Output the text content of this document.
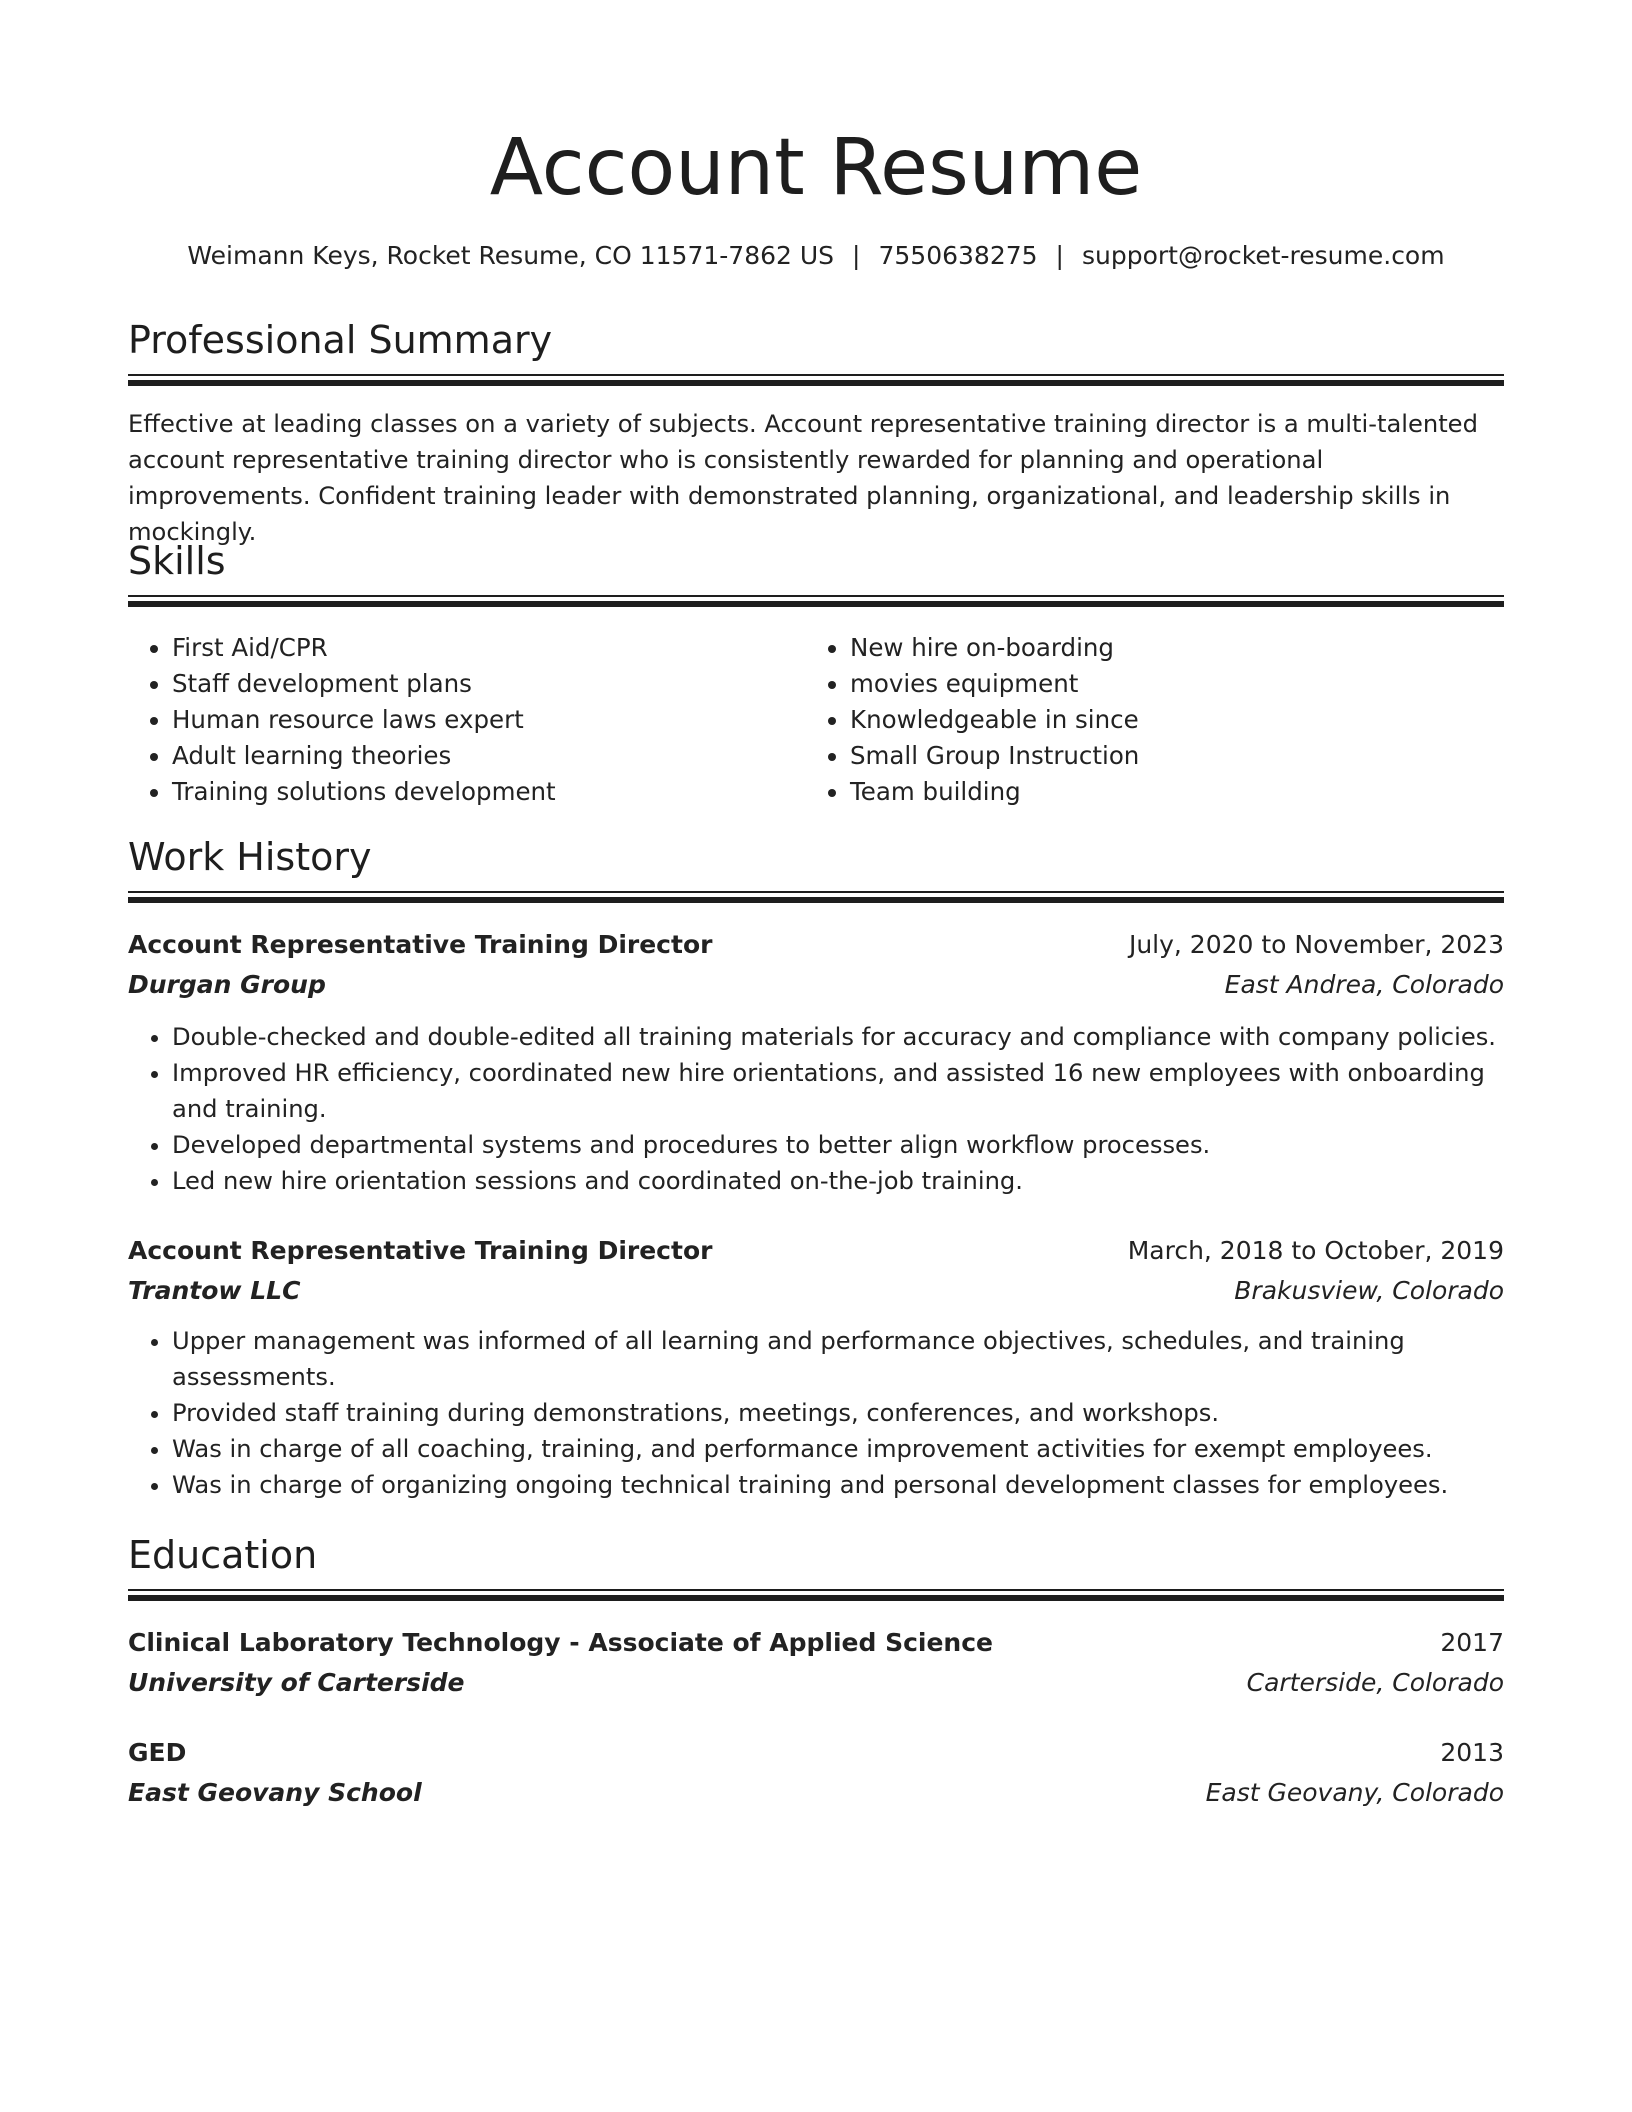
Account Resume
Weimann Keys, Rocket Resume, CO 11571-7862 US | 7550638275 | support@rocket-resume.com
Professional Summary

Effective at leading classes on a variety of subjects. Account representative training director is a multi-talented account representative training director who is consistently rewarded for planning and operational improvements. Confident training leader with demonstrated planning, organizational, and leadership skills in mockingly.

Skills
• First Aid/CPR
• Staff development plans
• Human resource laws expert
• Adult learning theories
• Training solutions development
• New hire on-boarding
• movies equipment
• Knowledgeable in since
• Small Group Instruction
• Team building
Work History
Account Representative Training Director	July, 2020 to November, 2023
Durgan Group	East Andrea, Colorado
• Double-checked and double-edited all training materials for accuracy and compliance with company policies.
• Improved HR efficiency, coordinated new hire orientations, and assisted 16 new employees with onboarding and training.
• Developed departmental systems and procedures to better align workflow processes.
• Led new hire orientation sessions and coordinated on-the-job training.
Account Representative Training Director	March, 2018 to October, 2019
Trantow LLC	Brakusview, Colorado
• Upper management was informed of all learning and performance objectives, schedules, and training assessments.
• Provided staff training during demonstrations, meetings, conferences, and workshops.
• Was in charge of all coaching, training, and performance improvement activities for exempt employees.
• Was in charge of organizing ongoing technical training and personal development classes for employees.
Education
Clinical Laboratory Technology - Associate of Applied Science	2017
University of Carterside	Carterside, Colorado
GED	2013
East Geovany School	East Geovany, Colorado
